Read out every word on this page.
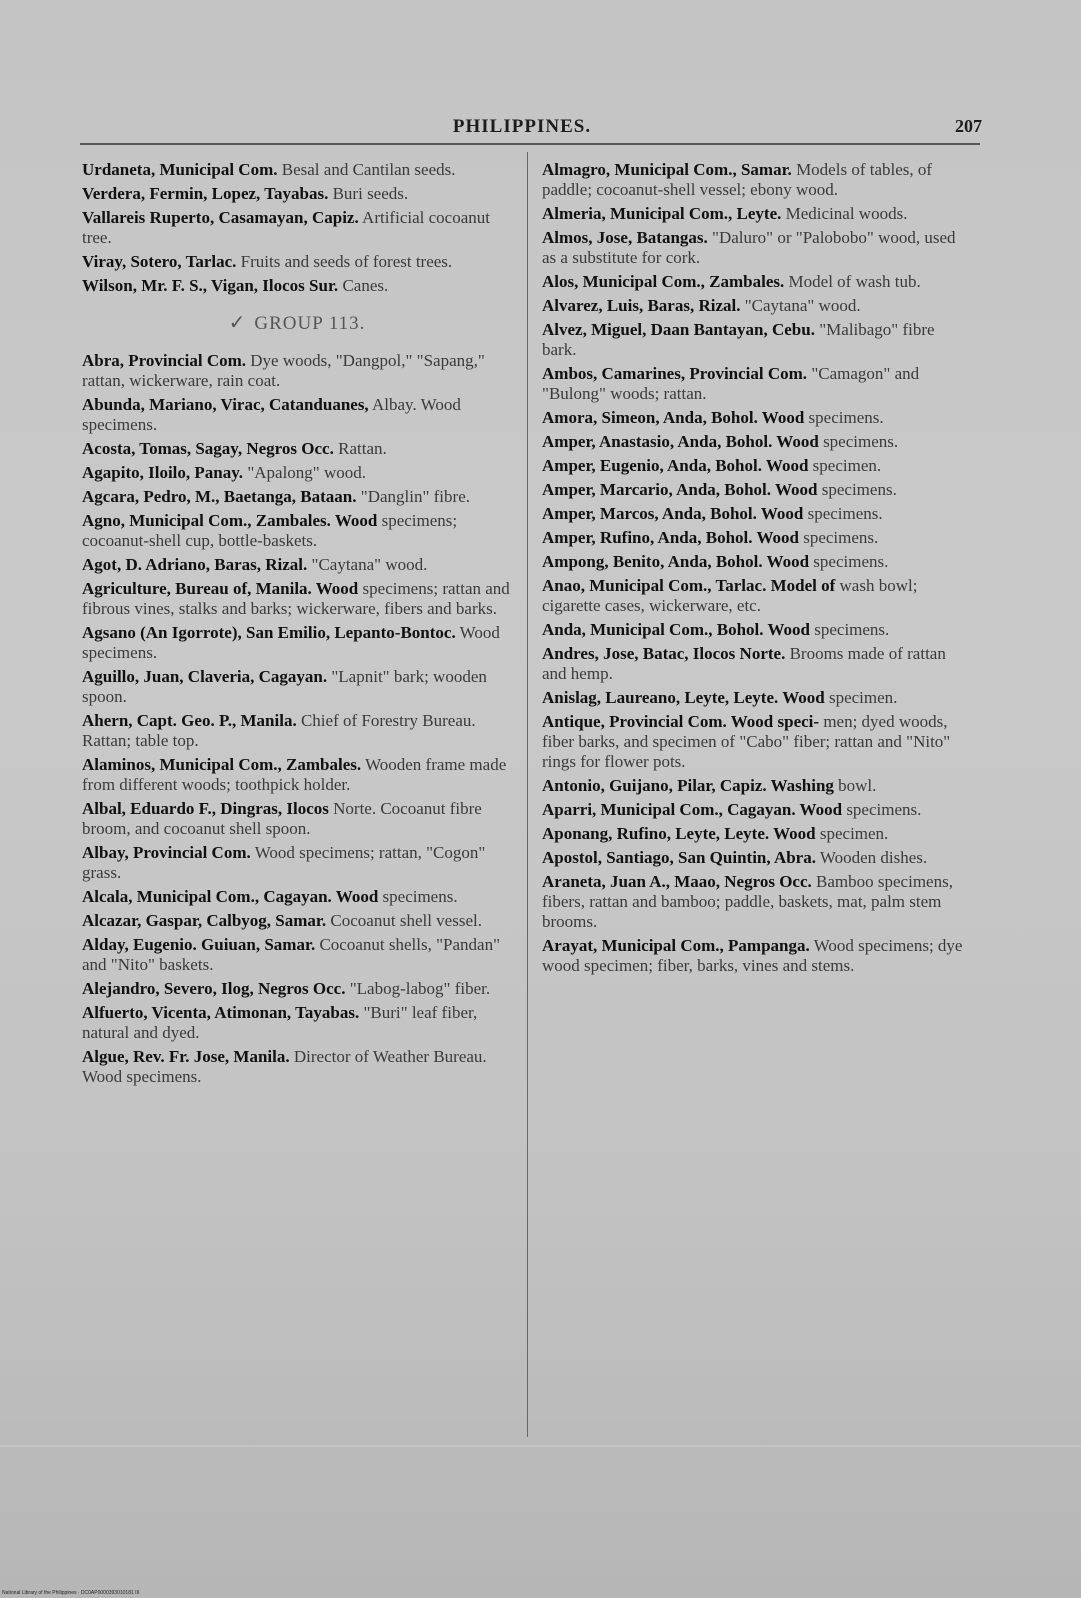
PHILIPPINES.	207

Urdaneta, Municipal Com. Besal and Cantilan seeds.

Verdera, Fermin, Lopez, Tayabas. Buri seeds.

Vallareis Ruperto, Casamayan, Capiz. Artificial cocoanut tree.

Viray, Sotero, Tarlac. Fruits and seeds of forest trees.

Wilson, Mr. F. S., Vigan, Ilocos Sur. Canes.

✓ GROUP 113.

Abra, Provincial Com. Dye woods, "Dangpol," "Sapang," rattan, wickerware, rain coat.

Abunda, Mariano, Virac, Catanduanes, Albay. Wood specimens.

Acosta, Tomas, Sagay, Negros Occ. Rattan.

Agapito, Iloilo, Panay. "Apalong" wood.

Agcara, Pedro, M., Baetanga, Bataan. "Danglin" fibre.

Agno, Municipal Com., Zambales. Wood specimens; cocoanut-shell cup, bottle-baskets.

Agot, D. Adriano, Baras, Rizal. "Caytana" wood.

Agriculture, Bureau of, Manila. Wood specimens; rattan and fibrous vines, stalks and barks; wickerware, fibers and barks.

Agsano (An Igorrote), San Emilio, Lepanto-Bontoc. Wood specimens.

Aguillo, Juan, Claveria, Cagayan. "Lapnit" bark; wooden spoon.

Ahern, Capt. Geo. P., Manila. Chief of Forestry Bureau. Rattan; table top.

Alaminos, Municipal Com., Zambales. Wooden frame made from different woods; toothpick holder.

Albal, Eduardo F., Dingras, Ilocos Norte. Cocoanut fibre broom, and cocoanut shell spoon.

Albay, Provincial Com. Wood specimens; rattan, "Cogon" grass.

Alcala, Municipal Com., Cagayan. Wood specimens.

Alcazar, Gaspar, Calbyog, Samar. Cocoanut shell vessel.

Alday, Eugenio. Guiuan, Samar. Cocoanut shells, "Pandan" and "Nito" baskets.

Alejandro, Severo, Ilog, Negros Occ. "Labog-labog" fiber.

Alfuerto, Vicenta, Atimonan, Tayabas. "Buri" leaf fiber, natural and dyed.

Algue, Rev. Fr. Jose, Manila. Director of Weather Bureau. Wood specimens.

Almagro, Municipal Com., Samar. Models of tables, of paddle; cocoanut-shell vessel; ebony wood.

Almeria, Municipal Com., Leyte. Medicinal woods.

Almos, Jose, Batangas. "Daluro" or "Palobobo" wood, used as a substitute for cork.

Alos, Municipal Com., Zambales. Model of wash tub.

Alvarez, Luis, Baras, Rizal. "Caytana" wood.

Alvez, Miguel, Daan Bantayan, Cebu. "Malibago" fibre bark.

Ambos, Camarines, Provincial Com. "Camagon" and "Bulong" woods; rattan.

Amora, Simeon, Anda, Bohol. Wood specimens.

Amper, Anastasio, Anda, Bohol. Wood specimens.

Amper, Eugenio, Anda, Bohol. Wood specimen.

Amper, Marcario, Anda, Bohol. Wood specimens.

Amper, Marcos, Anda, Bohol. Wood specimens.

Amper, Rufino, Anda, Bohol. Wood specimens.

Ampong, Benito, Anda, Bohol. Wood specimens.

Anao, Municipal Com., Tarlac. Model of wash bowl; cigarette cases, wickerware, etc.

Anda, Municipal Com., Bohol. Wood specimens.

Andres, Jose, Batac, Ilocos Norte. Brooms made of rattan and hemp.

Anislag, Laureano, Leyte, Leyte. Wood specimen.

Antique, Provincial Com. Wood speci- men; dyed woods, fiber barks, and specimen of "Cabo" fiber; rattan and "Nito" rings for flower pots.

Antonio, Guijano, Pilar, Capiz. Washing bowl.

Aparri, Municipal Com., Cagayan. Wood specimens.

Aponang, Rufino, Leyte, Leyte. Wood specimen.

Apostol, Santiago, San Quintin, Abra. Wooden dishes.

Araneta, Juan A., Maao, Negros Occ. Bamboo specimens, fibers, rattan and bamboo; paddle, baskets, mat, palm stem brooms.

Arayat, Municipal Com., Pampanga. Wood specimens; dye wood specimen; fiber, barks, vines and stems.

National Library of the Philippines · DC0AP0000393010181 III
